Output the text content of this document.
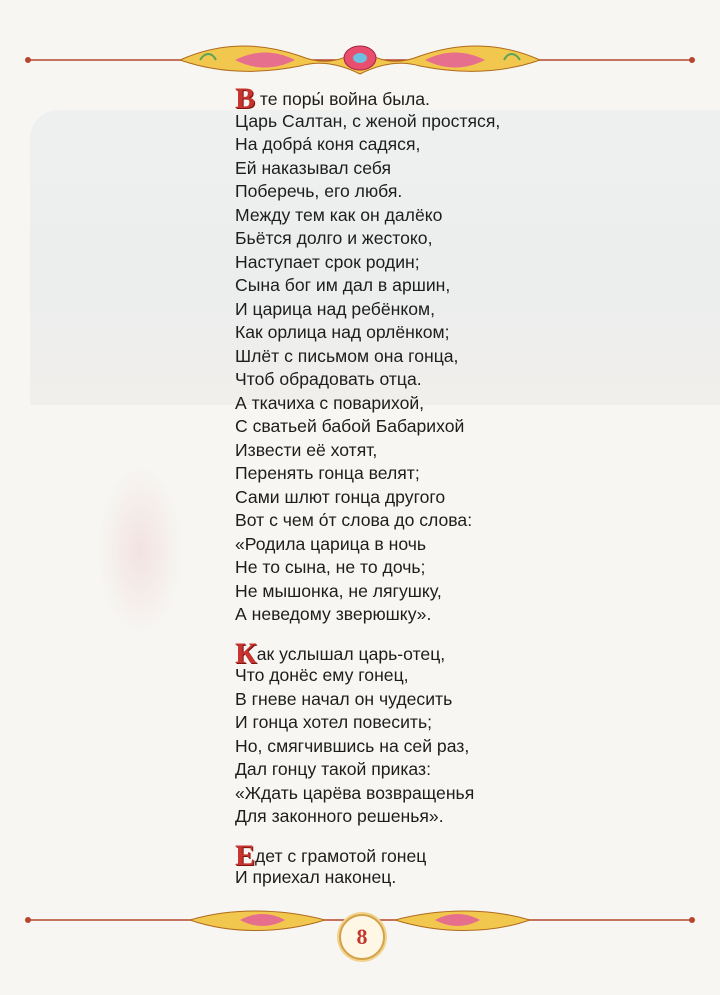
В те поры́ война была.
Царь Салтан, с женой простяся,
На добра́ коня садяся,
Ей наказывал себя
Поберечь, его любя.
Между тем как он далёко
Бьётся долго и жестоко,
Наступает срок родин;
Сына бог им дал в аршин,
И царица над ребёнком,
Как орлица над орлёнком;
Шлёт с письмом она гонца,
Чтоб обрадовать отца.
А ткачиха с поварихой,
С сватьей бабой Бабарихой
Извести её хотят,
Перенять гонца велят;
Сами шлют гонца другого
Вот с чем о́т слова до слова:
«Родила царица в ночь
Не то сына, не то дочь;
Не мышонка, не лягушку,
А неведому зверюшку».
Как услышал царь-отец,
Что донёс ему гонец,
В гневе начал он чудесить
И гонца хотел повесить;
Но, смягчившись на сей раз,
Дал гонцу такой приказ:
«Ждать царёва возвращенья
Для законного решенья».
Едет с грамотой гонец
И приехал наконец.
8
